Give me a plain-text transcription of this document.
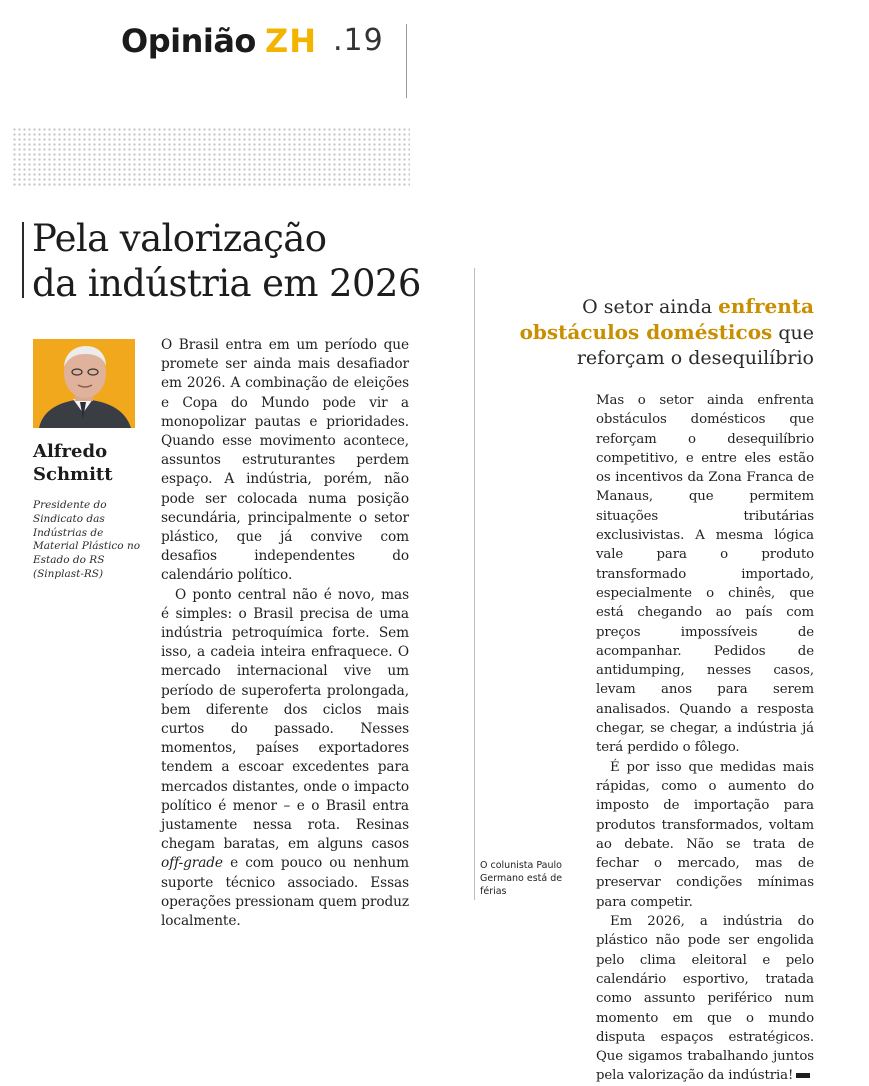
Opinião ZH .19
Pela valorização
da indústria em 2026
Alfredo
Schmitt
Presidente do Sindicato das Indústrias de Material Plástico no Estado do RS (Sinplast-RS)

O Brasil entra em um período que promete ser ainda mais desafiador em 2026. A combinação de eleições e Copa do Mundo pode vir a monopolizar pautas e prioridades. Quando esse movimento acontece, assuntos estruturantes perdem espaço. A indústria, porém, não pode ser colocada numa posição secundária, principalmente o setor plástico, que já convive com desafios independentes do calendário político.

O ponto central não é novo, mas é simples: o Brasil precisa de uma indústria petroquímica forte. Sem isso, a cadeia inteira enfraquece. O mercado internacional vive um período de superoferta prolongada, bem diferente dos ciclos mais curtos do passado. Nesses momentos, países exportadores tendem a escoar excedentes para mercados distantes, onde o impacto político é menor – e o Brasil entra justamente nessa rota. Resinas chegam baratas, em alguns casos off-grade e com pouco ou nenhum suporte técnico associado. Essas operações pressionam quem produz localmente.

O setor ainda enfrenta
obstáculos domésticos que
reforçam o desequilíbrio
O colunista Paulo Germano está de férias

Mas o setor ainda enfrenta obstáculos domésticos que reforçam o desequilíbrio competitivo, e entre eles estão os incentivos da Zona Franca de Manaus, que permitem situações tributárias exclusivistas. A mesma lógica vale para o produto transformado importado, especialmente o chinês, que está chegando ao país com preços impossíveis de acompanhar. Pedidos de antidumping, nesses casos, levam anos para serem analisados. Quando a resposta chegar, se chegar, a indústria já terá perdido o fôlego.

É por isso que medidas mais rápidas, como o aumento do imposto de importação para produtos transformados, voltam ao debate. Não se trata de fechar o mercado, mas de preservar condições mínimas para competir.

Em 2026, a indústria do plástico não pode ser engolida pelo clima eleitoral e pelo calendário esportivo, tratada como assunto periférico num momento em que o mundo disputa espaços estratégicos. Que sigamos trabalhando juntos pela valorização da indústria!
